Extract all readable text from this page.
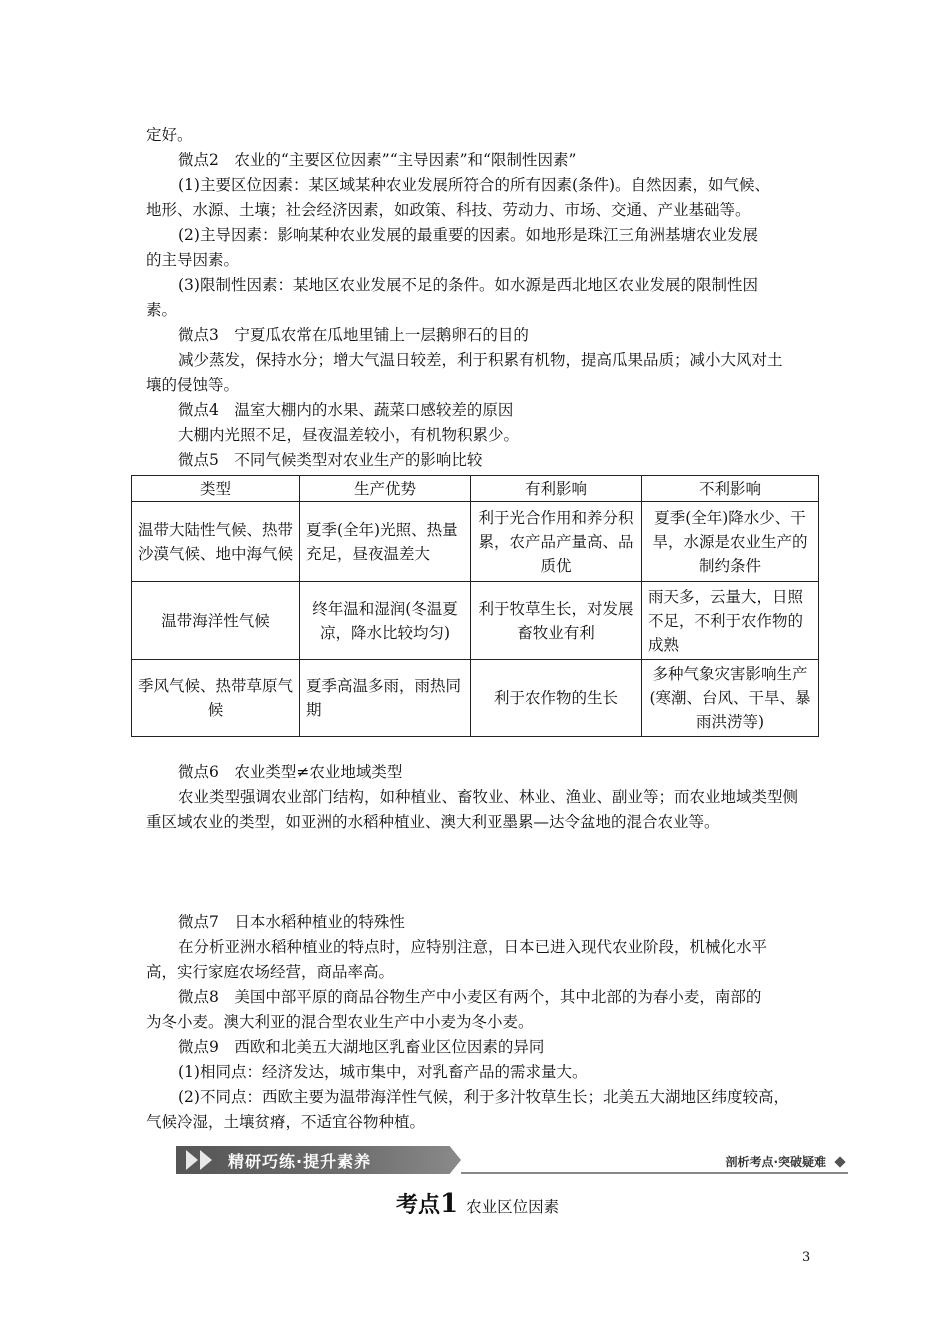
定好。
微点2　农业的“主要区位因素”“主导因素”和“限制性因素”
(1)主要区位因素：某区域某种农业发展所符合的所有因素(条件)。自然因素，如气候、
地形、水源、土壤；社会经济因素，如政策、科技、劳动力、市场、交通、产业基础等。
(2)主导因素：影响某种农业发展的最重要的因素。如地形是珠江三角洲基塘农业发展
的主导因素。
(3)限制性因素：某地区农业发展不足的条件。如水源是西北地区农业发展的限制性因
素。
微点3　宁夏瓜农常在瓜地里铺上一层鹅卵石的目的
减少蒸发，保持水分；增大气温日较差，利于积累有机物，提高瓜果品质；减小大风对土
壤的侵蚀等。
微点4　温室大棚内的水果、蔬菜口感较差的原因
大棚内光照不足，昼夜温差较小，有机物积累少。
微点5　不同气候类型对农业生产的影响比较
微点6　农业类型≠农业地域类型
农业类型强调农业部门结构，如种植业、畜牧业、林业、渔业、副业等；而农业地域类型侧
重区域农业的类型，如亚洲的水稻种植业、澳大利亚墨累—达令盆地的混合农业等。
微点7　日本水稻种植业的特殊性
在分析亚洲水稻种植业的特点时，应特别注意，日本已进入现代农业阶段，机械化水平
高，实行家庭农场经营，商品率高。
微点8　美国中部平原的商品谷物生产中小麦区有两个，其中北部的为春小麦，南部的
为冬小麦。澳大利亚的混合型农业生产中小麦为冬小麦。
微点9　西欧和北美五大湖地区乳畜业区位因素的异同
(1)相同点：经济发达，城市集中，对乳畜产品的需求量大。
(2)不同点：西欧主要为温带海洋性气候，利于多汁牧草生长；北美五大湖地区纬度较高，
气候冷湿，土壤贫瘠，不适宜谷物种植。
类型	生产优势	有利影响	不利影响
温带大陆性气候、热带沙漠气候、地中海气候	夏季(全年)光照、热量充足，昼夜温差大	利于光合作用和养分积累，农产品产量高、品质优	夏季(全年)降水少、干旱，水源是农业生产的制约条件
温带海洋性气候	终年温和湿润(冬温夏凉，降水比较均匀)	利于牧草生长，对发展畜牧业有利	雨天多，云量大，日照不足，不利于农作物的成熟
季风气候、热带草原气候	夏季高温多雨，雨热同期	利于农作物的生长	多种气象灾害影响生产(寒潮、台风、干旱、暴雨洪涝等)
精研巧练·提升素养	剖析考点·突破疑难
考点1 农业区位因素
3
